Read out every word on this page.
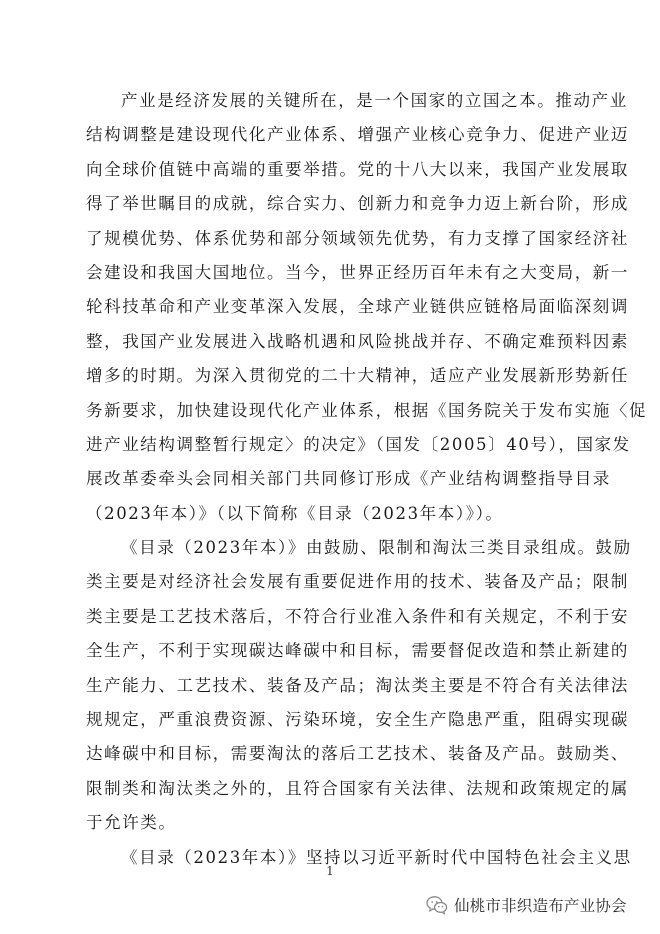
产业是经济发展的关键所在，是一个国家的立国之本。推动产业
结构调整是建设现代化产业体系、增强产业核心竞争力、促进产业迈
向全球价值链中高端的重要举措。党的十八大以来，我国产业发展取
得了举世瞩目的成就，综合实力、创新力和竞争力迈上新台阶，形成
了规模优势、体系优势和部分领域领先优势，有力支撑了国家经济社
会建设和我国大国地位。当今，世界正经历百年未有之大变局，新一
轮科技革命和产业变革深入发展，全球产业链供应链格局面临深刻调
整，我国产业发展进入战略机遇和风险挑战并存、不确定难预料因素
增多的时期。为深入贯彻党的二十大精神，适应产业发展新形势新任
务新要求，加快建设现代化产业体系，根据《国务院关于发布实施〈促
进产业结构调整暂行规定〉的决定》（国发〔2005〕40号），国家发
展改革委牵头会同相关部门共同修订形成《产业结构调整指导目录
（2023年本）》（以下简称《目录（2023年本）》）。
《目录（2023年本）》由鼓励、限制和淘汰三类目录组成。鼓励
类主要是对经济社会发展有重要促进作用的技术、装备及产品；限制
类主要是工艺技术落后，不符合行业准入条件和有关规定，不利于安
全生产，不利于实现碳达峰碳中和目标，需要督促改造和禁止新建的
生产能力、工艺技术、装备及产品；淘汰类主要是不符合有关法律法
规规定，严重浪费资源、污染环境，安全生产隐患严重，阻碍实现碳
达峰碳中和目标，需要淘汰的落后工艺技术、装备及产品。鼓励类、
限制类和淘汰类之外的，且符合国家有关法律、法规和政策规定的属
于允许类。
《目录（2023年本）》坚持以习近平新时代中国特色社会主义思
1
仙桃市非织造布产业协会
